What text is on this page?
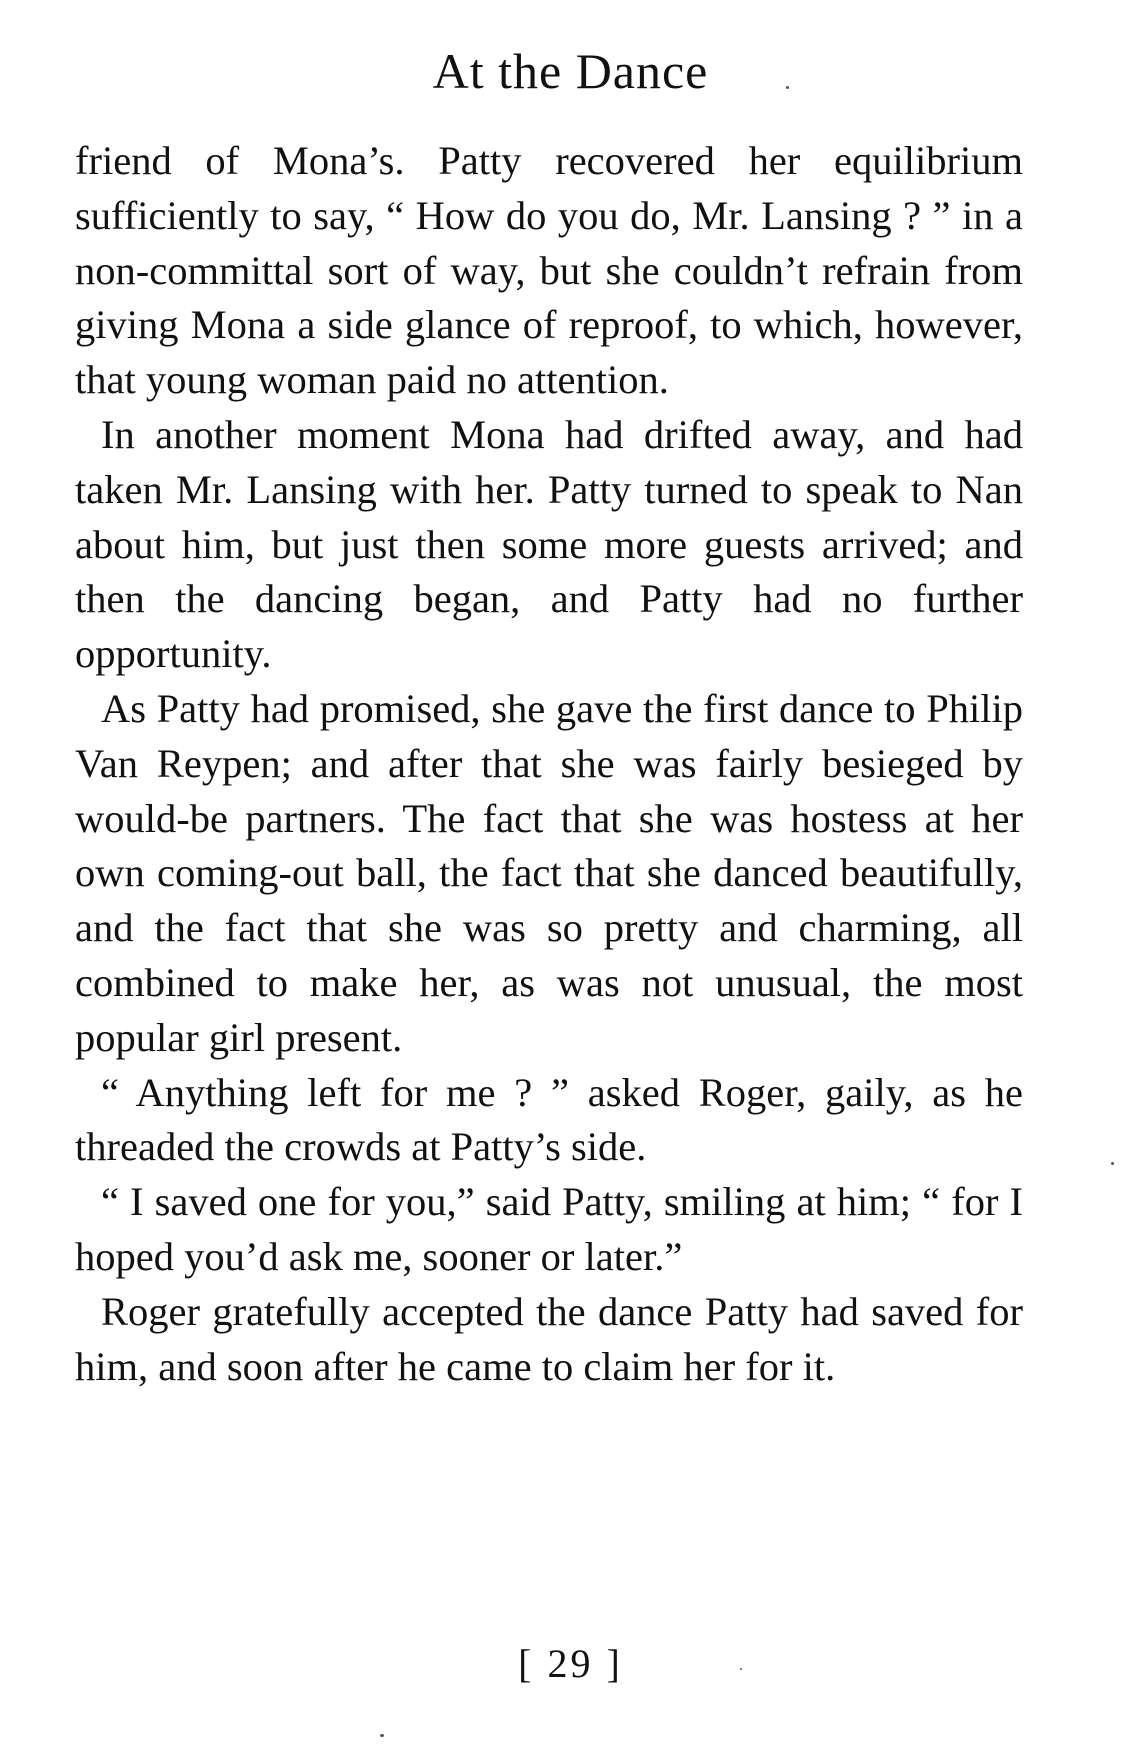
At the Dance

friend of Mona’s. Patty recovered her equilibrium sufficiently to say, “ How do you do, Mr. Lansing ? ” in a non-committal sort of way, but she couldn’t refrain from giving Mona a side glance of reproof, to which, however, that young woman paid no attention.

In another moment Mona had drifted away, and had taken Mr. Lansing with her. Patty turned to speak to Nan about him, but just then some more guests arrived; and then the dancing began, and Patty had no further opportunity.

As Patty had promised, she gave the first dance to Philip Van Reypen; and after that she was fairly besieged by would-be partners. The fact that she was hostess at her own coming-out ball, the fact that she danced beautifully, and the fact that she was so pretty and charming, all combined to make her, as was not unusual, the most popular girl present.

“ Anything left for me ? ” asked Roger, gaily, as he threaded the crowds at Patty’s side.

“ I saved one for you,” said Patty, smiling at him; “ for I hoped you’d ask me, sooner or later.”

Roger gratefully accepted the dance Patty had saved for him, and soon after he came to claim her for it.

[ 29 ]
